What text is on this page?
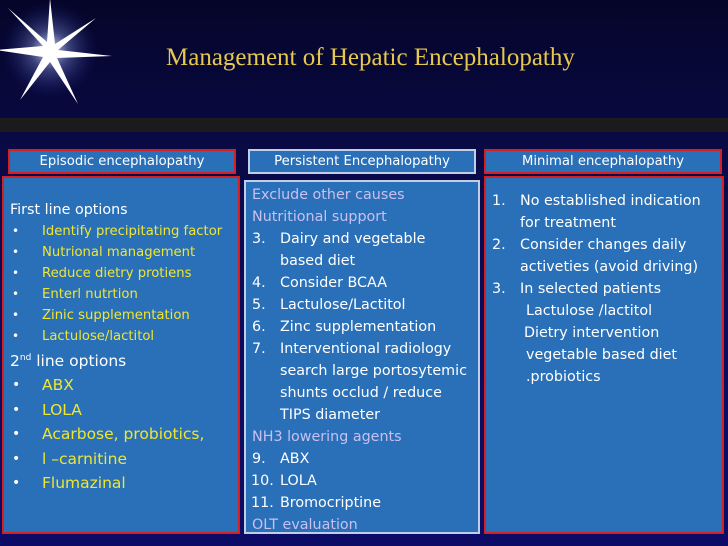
Management of Hepatic Encephalopathy
Episodic encephalopathy	Persistent Encephalopathy	Minimal encephalopathy
First line options
• Identify precipitating factor
• Nutrional management
• Reduce dietry protiens
• Enterl nutrtion
• Zinic supplementation
• Lactulose/lactitol
2nd line options
• ABX
• LOLA
• Acarbose, probiotics,
• l –carnitine
• Flumazinal
Exclude other causes
Nutritional support
3. Dairy and vegetable based diet
4. Consider BCAA
5. Lactulose/Lactitol
6. Zinc supplementation
7. Interventional radiology search large portosytemic shunts occlud / reduce TIPS diameter
NH3 lowering agents
9. ABX
10. LOLA
11. Bromocriptine
OLT evaluation
1. No established indication for treatment
2. Consider changes daily activeties (avoid driving)
3. In selected patients
Lactulose /lactitol
Dietry intervention
vegetable based diet
.probiotics
